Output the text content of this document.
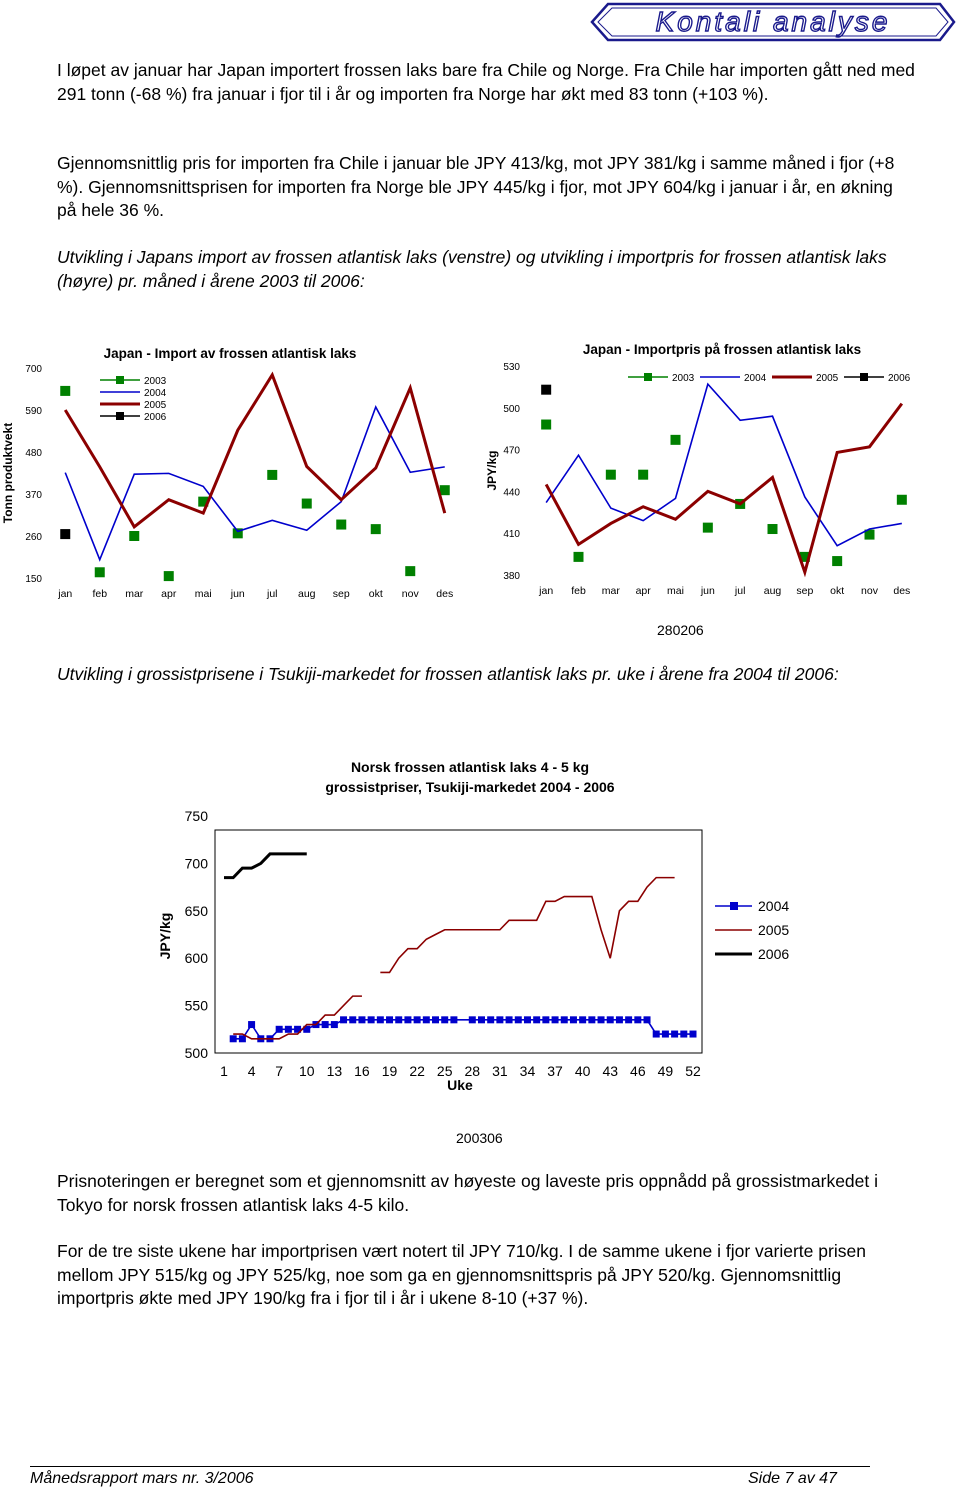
Kontali analyse

I løpet av januar har Japan importert frossen laks bare fra Chile og Norge. Fra Chile har importen gått ned med 291 tonn (-68 %) fra januar i fjor til i år og importen fra Norge har økt med 83 tonn (+103 %).

Gjennomsnittlig pris for importen fra Chile i januar ble JPY 413/kg, mot JPY 381/kg i samme måned i fjor (+8 %). Gjennomsnittsprisen for importen fra Norge ble JPY 445/kg i fjor, mot JPY 604/kg i januar i år, en økning på hele 36 %.

Utvikling i Japans import av frossen atlantisk laks (venstre) og utvikling i importpris for frossen atlantisk laks (høyre) pr. måned i årene 2003 til 2006:

Japan - Import av frossen atlantisk laks
Tonn produktvekt
150
260
370
480
590
700
jan feb mar apr mai jun jul aug sep okt nov des
2003
2004
2005
2006
Japan - Importpris på frossen atlantisk laks
JPY/kg
380
410
440
470
500
530
jan feb mar apr mai jun jul aug sep okt nov des
2003	2004	2005	2006
280206

Utvikling i grossistprisene i Tsukiji-markedet for frossen atlantisk laks pr. uke i årene fra 2004 til 2006:

Norsk frossen atlantisk laks 4 - 5 kg grossistpriser, Tsukiji-markedet 2004 - 2006
JPY/kg
500
550
600
650
700
750
1 4 7 10 13 16 19 22 25 28 31 34 37 40 43 46 49 52
Uke
2004
2005
2006
200306

Prisnoteringen er beregnet som et gjennomsnitt av høyeste og laveste pris oppnådd på grossistmarkedet i Tokyo for norsk frossen atlantisk laks 4-5 kilo.

For de tre siste ukene har importprisen vært notert til JPY 710/kg. I de samme ukene i fjor varierte prisen mellom JPY 515/kg og JPY 525/kg, noe som ga en gjennomsnittspris på JPY 520/kg. Gjennomsnittlig importpris økte med JPY 190/kg fra i fjor til i år i ukene 8-10 (+37 %).

Månedsrapport mars nr. 3/2006	Side 7 av 47
